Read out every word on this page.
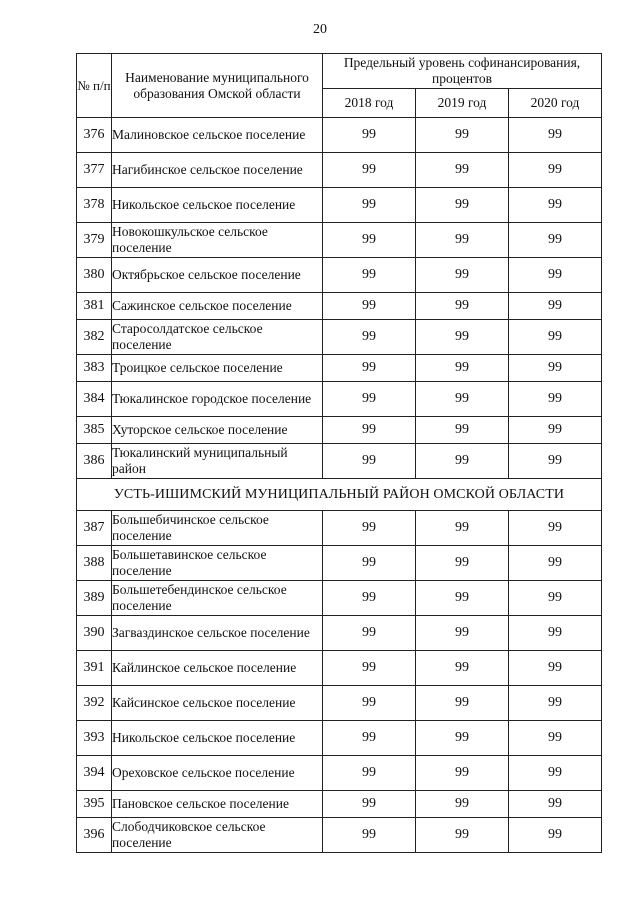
20
№ п/п	Наименование муниципального образования Омской области	Предельный уровень софинансирования, процентов		
		2018 год	2019 год	2020 год
376	Малиновское сельское поселение	99	99	99
377	Нагибинское сельское поселение	99	99	99
378	Никольское сельское поселение	99	99	99
379	Новокошкульское сельское поселение	99	99	99
380	Октябрьское сельское поселение	99	99	99
381	Сажинское сельское поселение	99	99	99
382	Старосолдатское сельское поселение	99	99	99
383	Троицкое сельское поселение	99	99	99
384	Тюкалинское городское поселение	99	99	99
385	Хуторское сельское поселение	99	99	99
386	Тюкалинский муниципальный район	99	99	99
УСТЬ-ИШИМСКИЙ МУНИЦИПАЛЬНЫЙ РАЙОН ОМСКОЙ ОБЛАСТИ				
387	Большебичинское сельское поселение	99	99	99
388	Большетавинское сельское поселение	99	99	99
389	Большетебендинское сельское поселение	99	99	99
390	Загваздинское сельское поселение	99	99	99
391	Кайлинское сельское поселение	99	99	99
392	Кайсинское сельское поселение	99	99	99
393	Никольское сельское поселение	99	99	99
394	Ореховское сельское поселение	99	99	99
395	Пановское сельское поселение	99	99	99
396	Слободчиковское сельское поселение	99	99	99
